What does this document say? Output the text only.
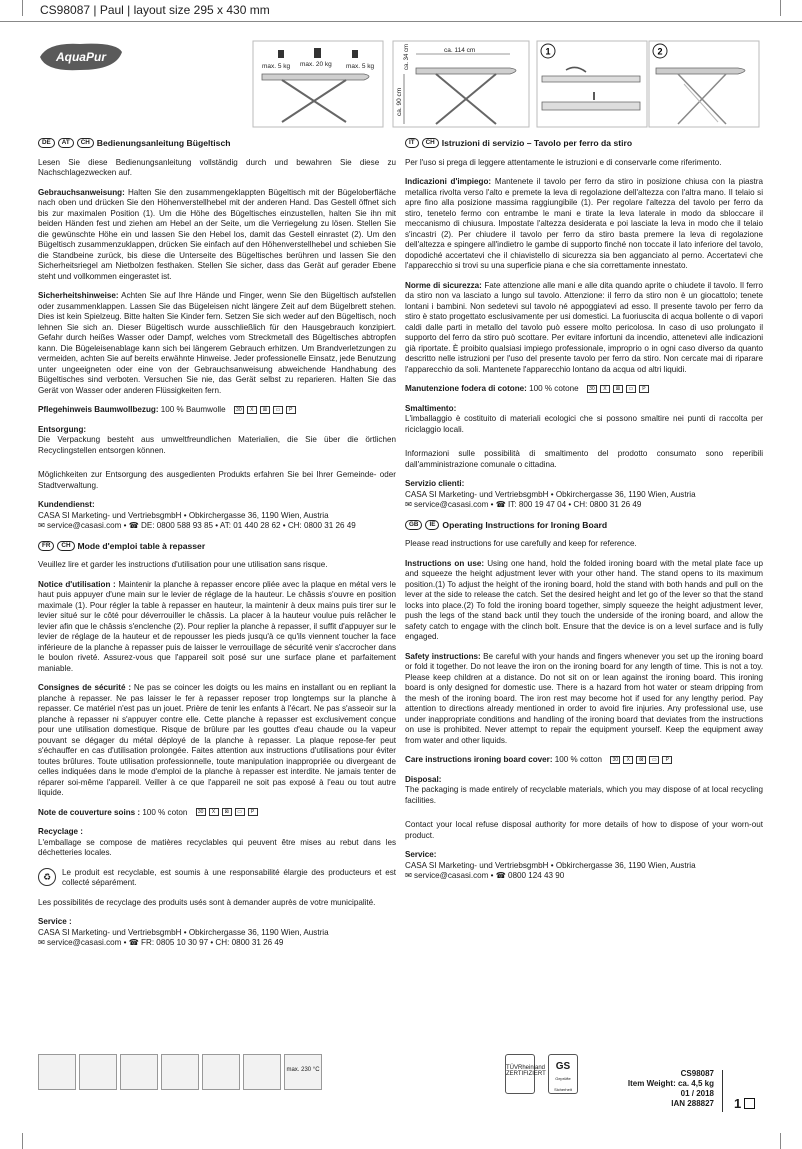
CS98087 | Paul | layout size 295 x 430 mm
AquaPur
max. 5 kg max. 20 kg max. 5 kg
ca. 114 cm
ca. 34 cm
ca. 90 cm
1	2
DE	AT	CH Bedienungsanleitung Bügeltisch

Lesen Sie diese Bedienungsanleitung vollständig durch und bewahren Sie diese zu Nachschlagezwecken auf.

Gebrauchsanweisung: Halten Sie den zusammengeklappten Bügeltisch mit der Bügeloberfläche nach oben und drücken Sie den Höhenverstellhebel mit der anderen Hand. Das Gestell öffnet sich bis zur maximalen Position (1). Um die Höhe des Bügeltisches einzustellen, halten Sie ihn mit beiden Händen fest und ziehen am Hebel an der Seite, um die Verriegelung zu lösen. Stellen Sie die gewünschte Höhe ein und lassen Sie den Hebel los, damit das Gestell einrastet (2). Um den Bügeltisch zusammenzuklappen, drücken Sie einfach auf den Höhenverstellhebel und schieben Sie die Standbeine zurück, bis diese die Unterseite des Bügeltisches berühren und lassen Sie den Sicherheitsriegel am Nietbolzen festhaken. Stellen Sie sicher, dass das Gerät auf gerader Ebene steht und vollkommen eingerastet ist.

Sicherheitshinweise: Achten Sie auf Ihre Hände und Finger, wenn Sie den Bügeltisch aufstellen oder zusammenklappen. Lassen Sie das Bügeleisen nicht längere Zeit auf dem Bügelbrett stehen. Dies ist kein Spielzeug. Bitte halten Sie Kinder fern. Setzen Sie sich weder auf den Bügeltisch, noch lehnen Sie sich an. Dieser Bügeltisch wurde ausschließlich für den Hausgebrauch konzipiert. Gefahr durch heißes Wasser oder Dampf, welches vom Streckmetall des Bügeltisches abtropfen kann. Die Bügeleisenablage kann sich bei längerem Gebrauch erhitzen. Um Brandverletzungen zu vermeiden, achten Sie auf bereits erwähnte Hinweise. Jeder professionelle Einsatz, jede Benutzung unter ungeeigneten oder eine von der Gebrauchsanweisung abweichende Handhabung des Bügeltisches sind verboten. Versuchen Sie nie, das Gerät selbst zu reparieren. Halten Sie das Gerät von Wasser oder anderen Flüssigkeiten fern.

Pflegehinweis Baumwollbezug: 100 % Baumwolle	30	X	⊠	▭	P

Entsorgung:
Die Verpackung besteht aus umweltfreundlichen Materialien, die Sie über die örtlichen Recyclingstellen entsorgen können.

Möglichkeiten zur Entsorgung des ausgedienten Produkts erfahren Sie bei Ihrer Gemeinde- oder Stadtverwaltung.

Kundendienst:
CASA SI Marketing- und VertriebsgmbH • Obkirchergasse 36, 1190 Wien, Austria
✉ service@casasi.com • ☎ DE: 0800 588 93 85 • AT: 01 440 28 62 • CH: 0800 31 26 49

FR	CH Mode d'emploi table à repasser

Veuillez lire et garder les instructions d'utilisation pour une utilisation sans risque.

Notice d'utilisation : Maintenir la planche à repasser encore pliée avec la plaque en métal vers le haut puis appuyer d'une main sur le levier de réglage de la hauteur. Le châssis s'ouvre en position maximale (1). Pour régler la table à repasser en hauteur, la maintenir à deux mains puis tirer sur le levier situé sur le côté pour déverrouiller le châssis. La placer à la hauteur voulue puis relâcher le levier afin que le châssis s'enclenche (2). Pour replier la planche à repasser, il suffit d'appuyer sur le levier de réglage de la hauteur et de repousser les pieds jusqu'à ce qu'ils viennent toucher la face inférieure de la planche à repasser puis de laisser le verrouillage de sécurité venir s'accrocher dans le boulon riveté. Assurez-vous que l'appareil soit posé sur une surface plane et parfaitement maniable.

Consignes de sécurité : Ne pas se coincer les doigts ou les mains en installant ou en repliant la planche à repasser. Ne pas laisser le fer à repasser reposer trop longtemps sur la planche à repasser. Ce matériel n'est pas un jouet. Prière de tenir les enfants à l'écart. Ne pas s'asseoir sur la planche à repasser ni s'appuyer contre elle. Cette planche à repasser est exclusivement conçue pour une utilisation domestique. Risque de brûlure par les gouttes d'eau chaude ou la vapeur pouvant se dégager du métal déployé de la planche à repasser. La plaque repose-fer peut s'échauffer en cas d'utilisation prolongée. Faites attention aux instructions d'utilisations pour éviter toutes brûlures. Toute utilisation professionnelle, toute manipulation inappropriée ou divergeant de celles indiquées dans le mode d'emploi de la planche à repasser est interdite. Ne jamais tenter de réparer soi-même l'appareil. Veiller à ce que l'appareil ne soit pas exposé à l'eau ou tout autre liquide.

Note de couverture soins : 100 % coton	30	X	⊠	▭	P

Recyclage :
L'emballage se compose de matières recyclables qui peuvent être mises au rebut dans les déchetteries locales.

♻	Le produit est recyclable, est soumis à une responsabilité élargie des producteurs et est collecté séparément.

Les possibilités de recyclage des produits usés sont à demander auprès de votre municipalité.

Service :
CASA SI Marketing- und VertriebsgmbH • Obkirchergasse 36, 1190 Wien, Austria
✉ service@casasi.com • ☎ FR: 0805 10 30 97 • CH: 0800 31 26 49

IT	CH Istruzioni di servizio – Tavolo per ferro da stiro

Per l'uso si prega di leggere attentamente le istruzioni e di conservarle come riferimento.

Indicazioni d'impiego: Mantenete il tavolo per ferro da stiro in posizione chiusa con la piastra metallica rivolta verso l'alto e premete la leva di regolazione dell'altezza con l'altra mano. Il telaio si apre fino alla posizione massima raggiungibile (1). Per regolare l'altezza del tavolo per ferro da stiro, tenetelo fermo con entrambe le mani e tirate la leva laterale in modo da sbloccare il meccanismo di chiusura. Impostate l'altezza desiderata e poi lasciate la leva in modo che il telaio s'incastri (2). Per chiudere il tavolo per ferro da stiro basta premere la leva di regolazione dell'altezza e spingere all'indietro le gambe di supporto finché non toccate il lato inferiore del tavolo, dopodiché accertatevi che il chiavistello di sicurezza sia ben agganciato al perno. Accertatevi che l'apparecchio si trovi su una superficie piana e che sia correttamente innestato.

Norme di sicurezza: Fate attenzione alle mani e alle dita quando aprite o chiudete il tavolo. Il ferro da stiro non va lasciato a lungo sul tavolo. Attenzione: il ferro da stiro non è un giocattolo; tenete lontani i bambini. Non sedetevi sul tavolo né appoggiatevi ad esso. Il presente tavolo per ferro da stiro è stato progettato esclusivamente per usi domestici. La fuoriuscita di acqua bollente o di vapori caldi dalle parti in metallo del tavolo può essere molto pericolosa. In caso di uso prolungato il supporto del ferro da stiro può scottare. Per evitare infortuni da incendio, attenetevi alle indicazioni già riportate. È proibito qualsiasi impiego professionale, improprio o in ogni caso diverso da quanto descritto nelle istruzioni per l'uso del presente tavolo per ferro da stiro. Non cercate mai di riparare l'apparecchio da soli. Mantenete l'apparecchio lontano da acqua od altri liquidi.

Manutenzione fodera di cotone: 100 % cotone	30	X	⊠	▭	P

Smaltimento:
L'imballaggio è costituito di materiali ecologici che si possono smaltire nei punti di raccolta per riciclaggio locali.

Informazioni sulle possibilità di smaltimento del prodotto consumato sono reperibili dall'amministrazione comunale o cittadina.

Servizio clienti:
CASA SI Marketing- und VertriebsgmbH • Obkirchergasse 36, 1190 Wien, Austria
✉ service@casasi.com • ☎ IT: 800 19 47 04 • CH: 0800 31 26 49

GB	IE Operating Instructions for Ironing Board

Please read instructions for use carefully and keep for reference.

Instructions on use: Using one hand, hold the folded ironing board with the metal plate face up and squeeze the height adjustment lever with your other hand. The stand opens to its maximum position.(1) To adjust the height of the ironing board, hold the stand with both hands and pull on the lever at the side to release the catch. Set the desired height and let go of the lever so that the stand locks into place.(2) To fold the ironing board together, simply squeeze the height adjustment lever, push the legs of the stand back until they touch the underside of the ironing board, and allow the safety catch to engage with the clinch bolt. Ensure that the device is on a level surface and is fully engaged.

Safety instructions: Be careful with your hands and fingers whenever you set up the ironing board or fold it together. Do not leave the iron on the ironing board for any length of time. This is not a toy. Please keep children at a distance. Do not sit on or lean against the ironing board. This ironing board is only designed for domestic use. There is a hazard from hot water or steam dripping from the mesh of the ironing board. The iron rest may become hot if used for any lengthy period. Pay attention to directions already mentioned in order to avoid fire injuries. Any professional use, use under inappropriate conditions and handling of the ironing board that deviates from the instructions on use is prohibited. Never attempt to repair the equipment yourself. Keep the equipment away from water and other liquids.

Care instructions ironing board cover: 100 % cotton	30	X	⊠	▭	P

Disposal:
The packaging is made entirely of recyclable materials, which you may dispose of at local recycling facilities.

Contact your local refuse disposal authority for more details of how to dispose of your worn-out product.

Service:
CASA SI Marketing- und VertriebsgmbH • Obkirchergasse 36, 1190 Wien, Austria
✉ service@casasi.com • ☎ 0800 124 43 90

max. 230 °C	TÜVRheinland
ZERTIFIZIERT
GS
Geprüfte Sicherheit
CS98087
Item Weight: ca. 4,5 kg
01 / 2018
IAN 288827 1
